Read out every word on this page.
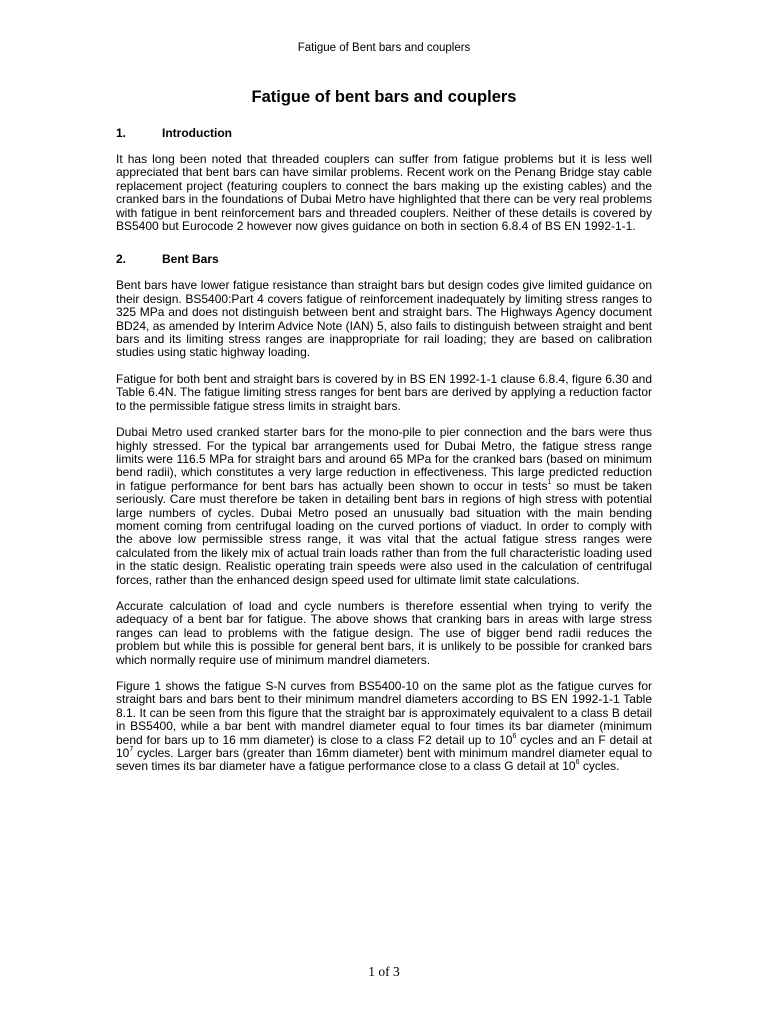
Fatigue of Bent bars and couplers
Fatigue of bent bars and couplers
1.	Introduction

It has long been noted that threaded couplers can suffer from fatigue problems but it is less well appreciated that bent bars can have similar problems. Recent work on the Penang Bridge stay cable replacement project (featuring couplers to connect the bars making up the existing cables) and the cranked bars in the foundations of Dubai Metro have highlighted that there can be very real problems with fatigue in bent reinforcement bars and threaded couplers. Neither of these details is covered by BS5400 but Eurocode 2 however now gives guidance on both in section 6.8.4 of BS EN 1992-1-1.

2.	Bent Bars

Bent bars have lower fatigue resistance than straight bars but design codes give limited guidance on their design. BS5400:Part 4 covers fatigue of reinforcement inadequately by limiting stress ranges to 325 MPa and does not distinguish between bent and straight bars. The Highways Agency document BD24, as amended by Interim Advice Note (IAN) 5, also fails to distinguish between straight and bent bars and its limiting stress ranges are inappropriate for rail loading; they are based on calibration studies using static highway loading.

Fatigue for both bent and straight bars is covered by in BS EN 1992-1-1 clause 6.8.4, figure 6.30 and Table 6.4N. The fatigue limiting stress ranges for bent bars are derived by applying a reduction factor to the permissible fatigue stress limits in straight bars.

Dubai Metro used cranked starter bars for the mono-pile to pier connection and the bars were thus highly stressed. For the typical bar arrangements used for Dubai Metro, the fatigue stress range limits were 116.5 MPa for straight bars and around 65 MPa for the cranked bars (based on minimum bend radii), which constitutes a very large reduction in effectiveness. This large predicted reduction in fatigue performance for bent bars has actually been shown to occur in tests$^1$ so must be taken seriously. Care must therefore be taken in detailing bent bars in regions of high stress with potential large numbers of cycles. Dubai Metro posed an unusually bad situation with the main bending moment coming from centrifugal loading on the curved portions of viaduct. In order to comply with the above low permissible stress range, it was vital that the actual fatigue stress ranges were calculated from the likely mix of actual train loads rather than from the full characteristic loading used in the static design. Realistic operating train speeds were also used in the calculation of centrifugal forces, rather than the enhanced design speed used for ultimate limit state calculations.

Accurate calculation of load and cycle numbers is therefore essential when trying to verify the adequacy of a bent bar for fatigue. The above shows that cranking bars in areas with large stress ranges can lead to problems with the fatigue design. The use of bigger bend radii reduces the problem but while this is possible for general bent bars, it is unlikely to be possible for cranked bars which normally require use of minimum mandrel diameters.

Figure 1 shows the fatigue S-N curves from BS5400-10 on the same plot as the fatigue curves for straight bars and bars bent to their minimum mandrel diameters according to BS EN 1992-1-1 Table 8.1. It can be seen from this figure that the straight bar is approximately equivalent to a class B detail in BS5400, while a bar bent with mandrel diameter equal to four times its bar diameter (minimum bend for bars up to 16 mm diameter) is close to a class F2 detail up to $10^6$ cycles and an F detail at $10^7$ cycles. Larger bars (greater than 16mm diameter) bent with minimum mandrel diameter equal to seven times its bar diameter have a fatigue performance close to a class G detail at $10^6$ cycles.

1 of 3
